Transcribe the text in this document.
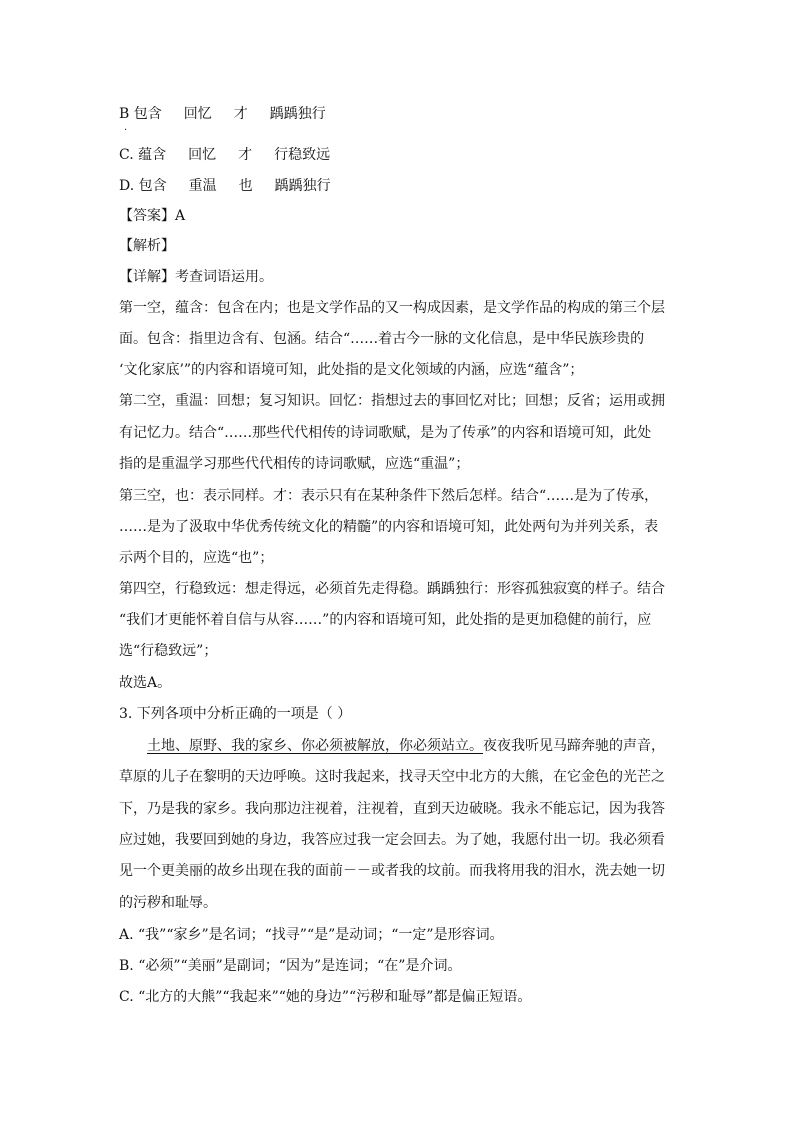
B 包含 回忆 才 踽踽独行
·
C. 蕴含 回忆 才 行稳致远
D. 包含 重温 也 踽踽独行
【答案】A
【解析】
【详解】考查词语运用。
第一空，蕴含：包含在内；也是文学作品的又一构成因素，是文学作品的构成的第三个层
面。包含：指里边含有、包涵。结合“……着古今一脉的文化信息，是中华民族珍贵的
‘文化家底’”的内容和语境可知，此处指的是文化领域的内涵，应选“蕴含”；
第二空，重温：回想；复习知识。回忆：指想过去的事回忆对比；回想；反省；运用或拥
有记忆力。结合“……那些代代相传的诗词歌赋，是为了传承”的内容和语境可知，此处
指的是重温学习那些代代相传的诗词歌赋，应选“重温”；
第三空，也：表示同样。才：表示只有在某种条件下然后怎样。结合“……是为了传承，
……是为了汲取中华优秀传统文化的精髓”的内容和语境可知，此处两句为并列关系，表
示两个目的，应选“也”；
第四空，行稳致远：想走得远，必须首先走得稳。踽踽独行：形容孤独寂寞的样子。结合
“我们才更能怀着自信与从容……”的内容和语境可知，此处指的是更加稳健的前行，应
选“行稳致远”；
故选A。
3. 下列各项中分析正确的一项是（ ）
土地、原野、我的家乡、你必须被解放，你必须站立。夜夜我听见马蹄奔驰的声音，
草原的儿子在黎明的天边呼唤。这时我起来，找寻天空中北方的大熊，在它金色的光芒之
下，乃是我的家乡。我向那边注视着，注视着，直到天边破晓。我永不能忘记，因为我答
应过她，我要回到她的身边，我答应过我一定会回去。为了她，我愿付出一切。我必须看
见一个更美丽的故乡出现在我的面前－－或者我的坟前。而我将用我的泪水，洗去她一切
的污秽和耻辱。
A. “我”“家乡”是名词；“找寻”“是”是动词；“一定”是形容词。
B. “必须”“美丽”是副词；“因为”是连词；“在”是介词。
C. “北方的大熊”“我起来”“她的身边”“污秽和耻辱”都是偏正短语。
